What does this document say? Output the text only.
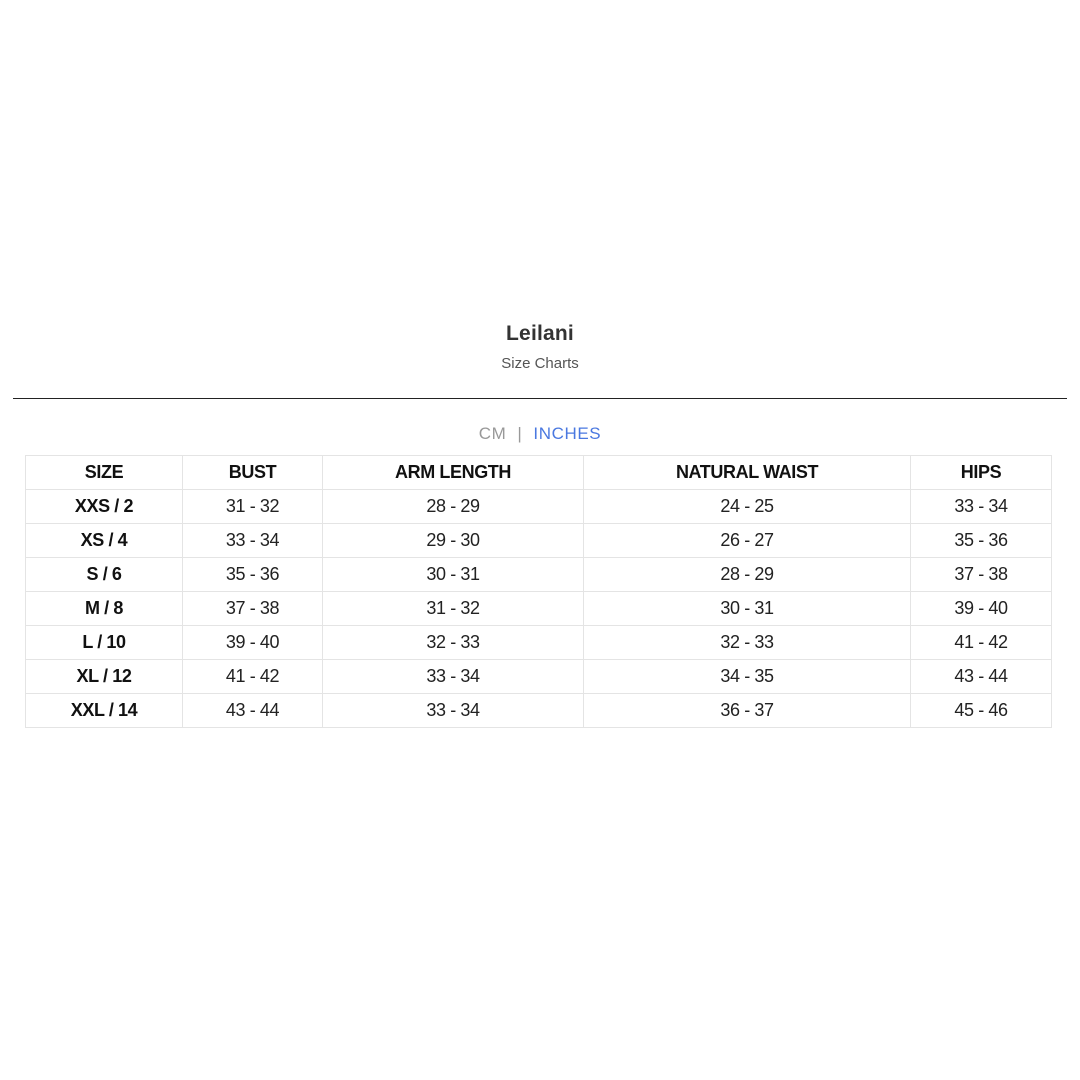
Leilani
Size Charts
CM | INCHES
SIZE	BUST	ARM LENGTH	NATURAL WAIST	HIPS
XXS / 2	31 - 32	28 - 29	24 - 25	33 - 34
XS / 4	33 - 34	29 - 30	26 - 27	35 - 36
S / 6	35 - 36	30 - 31	28 - 29	37 - 38
M / 8	37 - 38	31 - 32	30 - 31	39 - 40
L / 10	39 - 40	32 - 33	32 - 33	41 - 42
XL / 12	41 - 42	33 - 34	34 - 35	43 - 44
XXL / 14	43 - 44	33 - 34	36 - 37	45 - 46
